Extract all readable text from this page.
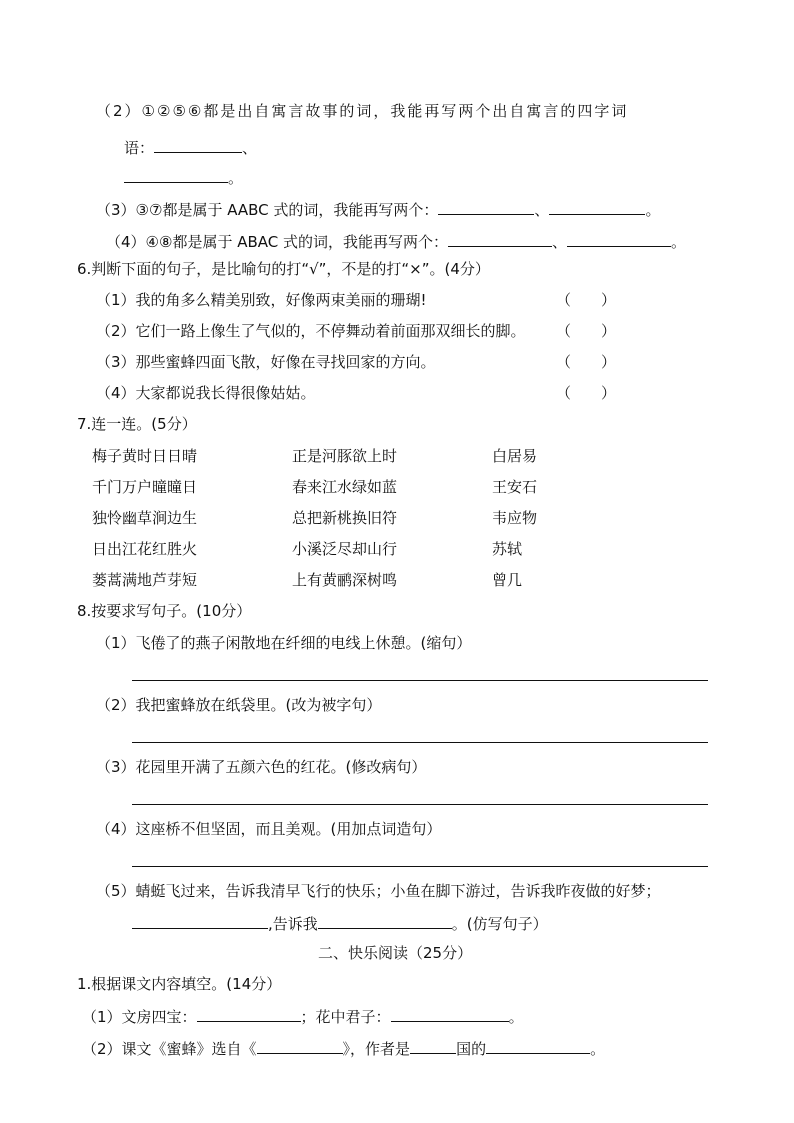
（2）①②⑤⑥都是出自寓言故事的词，我能再写两个出自寓言的四字词
语：	、
。
（3）③⑦都是属于 AABC 式的词，我能再写两个：	、	。
（4）④⑧都是属于 ABAC 式的词，我能再写两个：	、	。
6.判断下面的句子，是比喻句的打“√”，不是的打“×”。(4分）
（1）我的角多么精美别致，好像两束美丽的珊瑚!	（　　）
（2）它们一路上像生了气似的，不停舞动着前面那双细长的脚。 （　　）
（3）那些蜜蜂四面飞散，好像在寻找回家的方向。	（　　）
（4）大家都说我长得很像姑姑。	（　　）
7.连一连。(5分）
梅子黄时日日晴	正是河豚欲上时	白居易
千门万户曈曈日	春来江水绿如蓝	王安石
独怜幽草涧边生	总把新桃换旧符	韦应物
日出江花红胜火	小溪泛尽却山行	苏轼
蒌蒿满地芦芽短	上有黄鹂深树鸣	曾几
8.按要求写句子。(10分）
（1）飞倦了的燕子闲散地在纤细的电线上休憩。(缩句）
（2）我把蜜蜂放在纸袋里。(改为被字句）
（3）花园里开满了五颜六色的红花。(修改病句）
（4）这座桥不但坚固，而且美观。(用加点词造句）
（5）蜻蜓飞过来，告诉我清早飞行的快乐；小鱼在脚下游过，告诉我昨夜做的好梦；
,告诉我	。(仿写句子）
二、快乐阅读（25分）
1.根据课文内容填空。(14分）
（1）文房四宝：	；花中君子：	。
（2）课文《蜜蜂》选自《	》，作者是	国的	。
